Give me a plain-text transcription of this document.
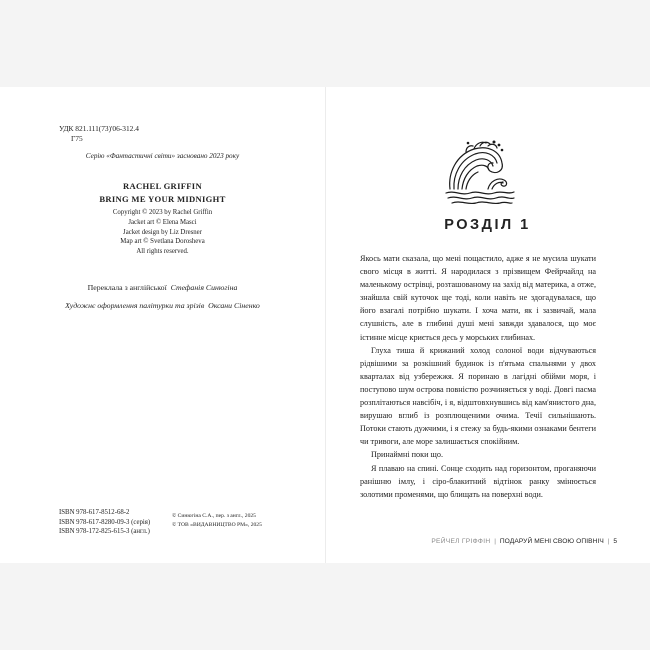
УДК 821.111(73)'06-312.4
Г75
Серію «Фантастичні світи» засновано 2023 року
RACHEL GRIFFIN
BRING ME YOUR MIDNIGHT
Copyright © 2023 by Rachel Griffin
Jacket art © Elena Masci
Jacket design by Liz Dresner
Map art © Svetlana Dorosheva
All rights reserved.
Переклала з англійської Стефанія Синюгіна
Художнє оформлення палітурки та зрізів Оксани Сіненко
ISBN 978-617-8512-68-2
ISBN 978-617-8280-09-3 (серія)
ISBN 978-172-825-615-3 (англ.)
© Синюгіна С.А., пер. з англ., 2025
© ТОВ «ВИДАВНИЦТВО РМ», 2025
РОЗДІЛ 1

Якось мати сказала, що мені пощастило, адже я не мусила шукати свого місця в житті. Я народилася з прізвищем Фейрчайлд на маленькому острівці, розташованому на захід від материка, а отже, знайшла свій куточок ще тоді, коли навіть не здогадувалася, що його взагалі потрібно шукати. І хоча мати, як і зазвичай, мала слушність, але в глибині душі мені завжди здавалося, що моє істинне місце криється десь у морських глибинах.

Глуха тиша й крижаний холод солоної води відчуваються рідвішими за розкішний будинок із п'ятьма спальнями у двох кварталах від узбережжя. Я поринаю в лагідні обійми моря, і поступово шум острова повністю розчиняється у воді. Довгі пасма розплітаються навсібіч, і я, відштовхнувшись від кам'янистого дна, вирушаю вглиб із розплющеними очима. Течії сильнішають. Потоки стають дужчими, і я стежу за будь-якими ознаками бентеги чи тривоги, але море залишається спокійним.

Принаймні поки що.

Я плаваю на спині. Сонце сходить над горизонтом, проганяючи ранішню імлу, і сіро-блакитний відтінок ранку змінюється золотими променями, що блищать на поверхні води.

РЕЙЧЕЛ ГРІФФІН | ПОДАРУЙ МЕНІ СВОЮ ОПІВНІЧ | 5
